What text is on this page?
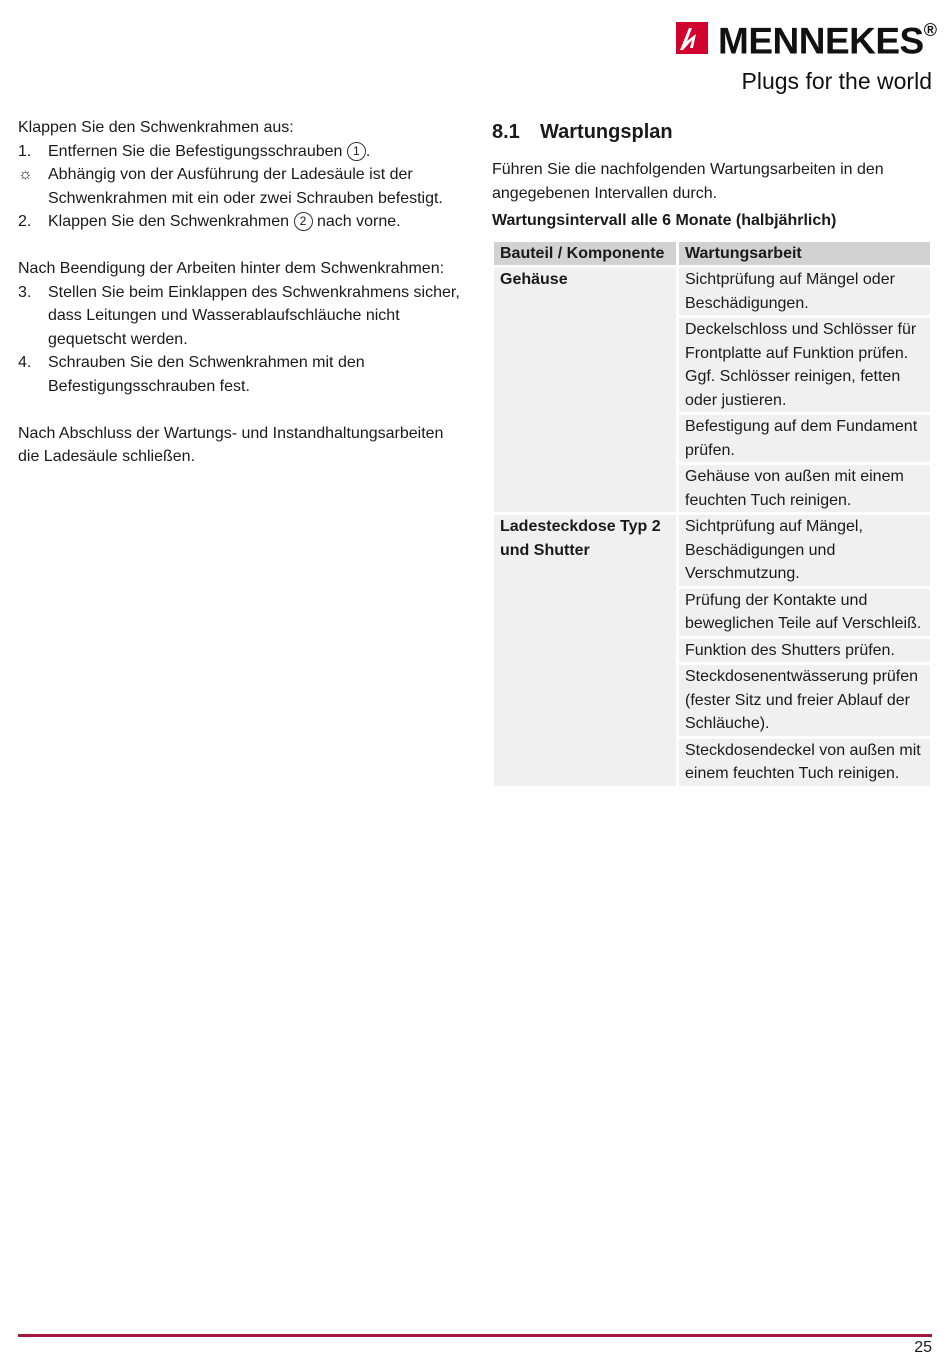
MENNEKES®
Plugs for the world

Klappen Sie den Schwenkrahmen aus:

1. Entfernen Sie die Befestigungsschrauben 1 .
☼ Abhängig von der Ausführung der Ladesäule ist der Schwenkrahmen mit ein oder zwei Schrauben befestigt.
2. Klappen Sie den Schwenkrahmen 2 nach vorne.

Nach Beendigung der Arbeiten hinter dem Schwenkrahmen:

3. Stellen Sie beim Einklappen des Schwenkrahmens sicher, dass Leitungen und Wasserablaufschläuche nicht gequetscht werden.
4. Schrauben Sie den Schwenkrahmen mit den Befestigungsschrauben fest.

Nach Abschluss der Wartungs- und Instandhaltungsarbeiten die Ladesäule schließen.

8.1 Wartungsplan

Führen Sie die nachfolgenden Wartungsarbeiten in den angegebenen Intervallen durch.

Wartungsintervall alle 6 Monate (halbjährlich)

Bauteil / Komponente	Wartungsarbeit
Gehäuse	Sichtprüfung auf Mängel oder Beschädigungen.
	Deckelschloss und Schlösser für Frontplatte auf Funktion prüfen. Ggf. Schlösser reinigen, fetten oder justieren.
	Befestigung auf dem Fundament prüfen.
	Gehäuse von außen mit einem feuchten Tuch reinigen.
Ladesteckdose Typ 2 und Shutter	Sichtprüfung auf Mängel, Beschädigungen und Verschmutzung.
	Prüfung der Kontakte und beweglichen Teile auf Verschleiß.
	Funktion des Shutters prüfen.
	Steckdosenentwässerung prüfen (fester Sitz und freier Ablauf der Schläuche).
	Steckdosendeckel von außen mit einem feuchten Tuch reinigen.
25
